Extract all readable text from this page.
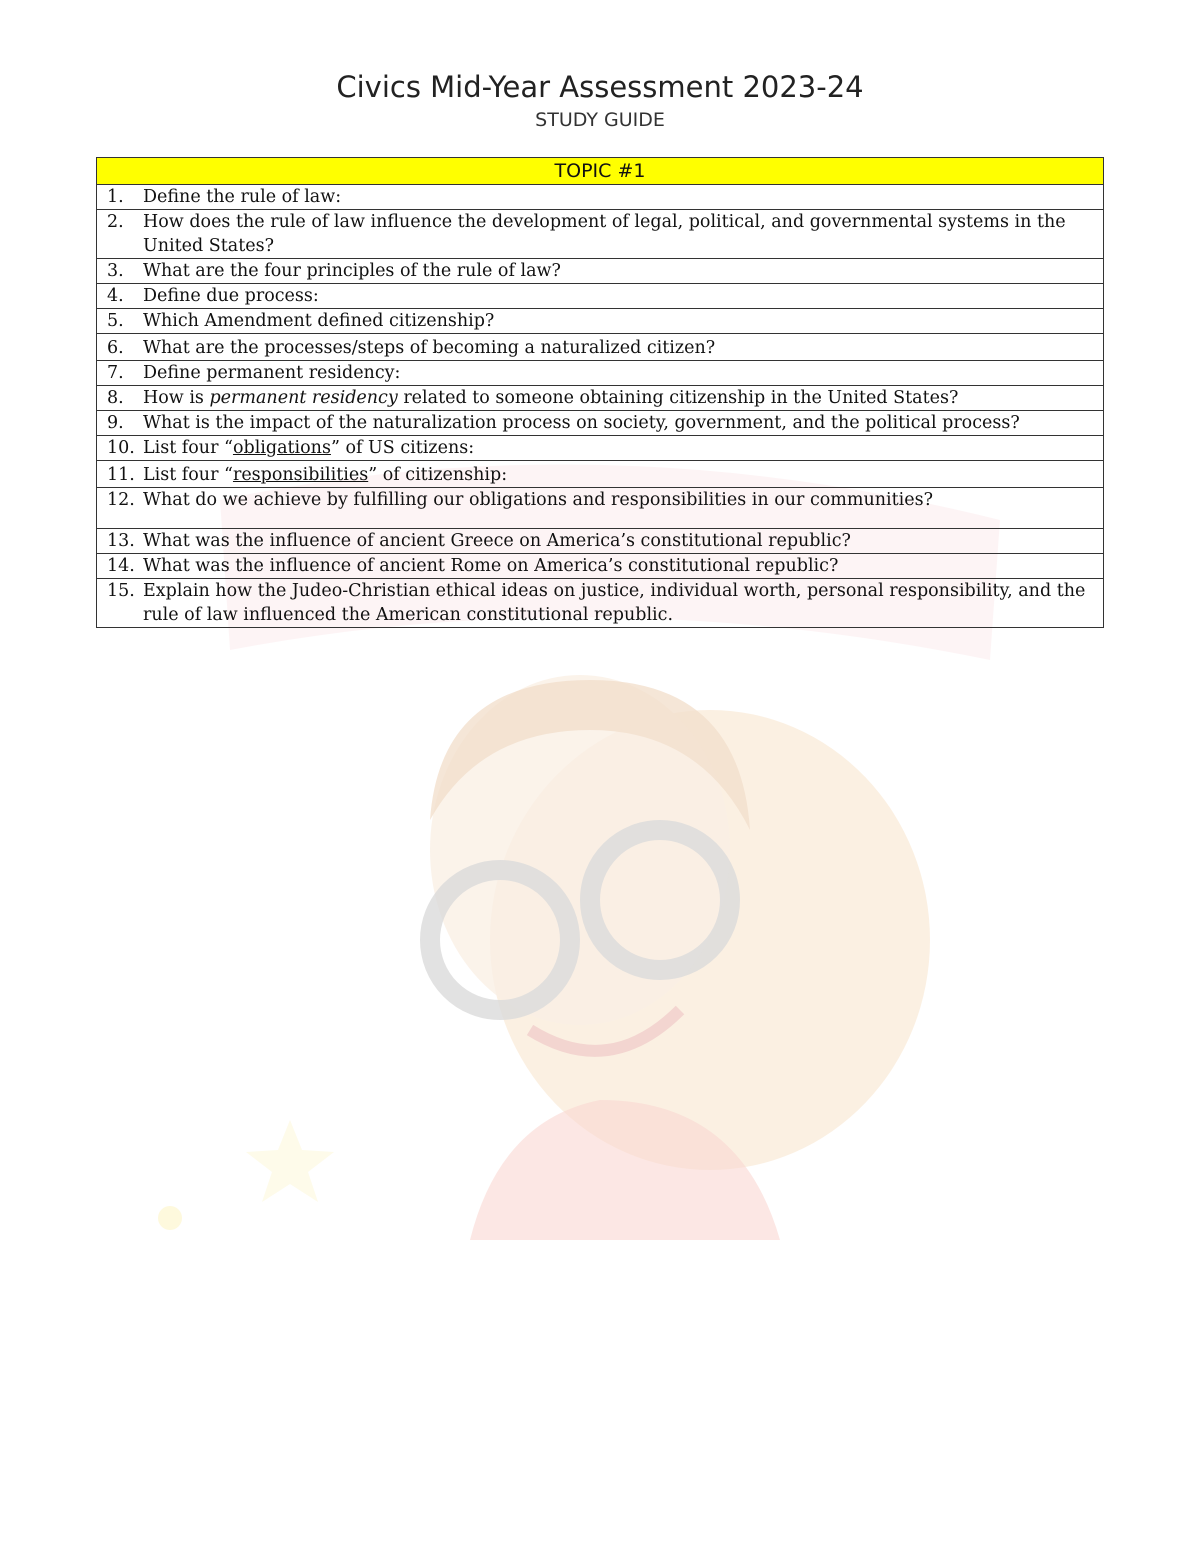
Civics Mid-Year Assessment 2023-24
STUDY GUIDE
TOPIC #1

1.	Define the rule of law:

2.	How does the rule of law influence the development of legal, political, and governmental systems in the United States?

3.	What are the four principles of the rule of law?

4.	Define due process:

5.	Which Amendment defined citizenship?

6.	What are the processes/steps of becoming a naturalized citizen?

7.	Define permanent residency:

8.	How is permanent residency related to someone obtaining citizenship in the United States?

9.	What is the impact of the naturalization process on society, government, and the political process?

10. List four “obligations” of US citizens:

11. List four “responsibilities” of citizenship:

12. What do we achieve by fulfilling our obligations and responsibilities in our communities?

13. What was the influence of ancient Greece on America’s constitutional republic?

14. What was the influence of ancient Rome on America’s constitutional republic?

15. Explain how the Judeo-Christian ethical ideas on justice, individual worth, personal responsibility, and the rule of law influenced the American constitutional republic.
